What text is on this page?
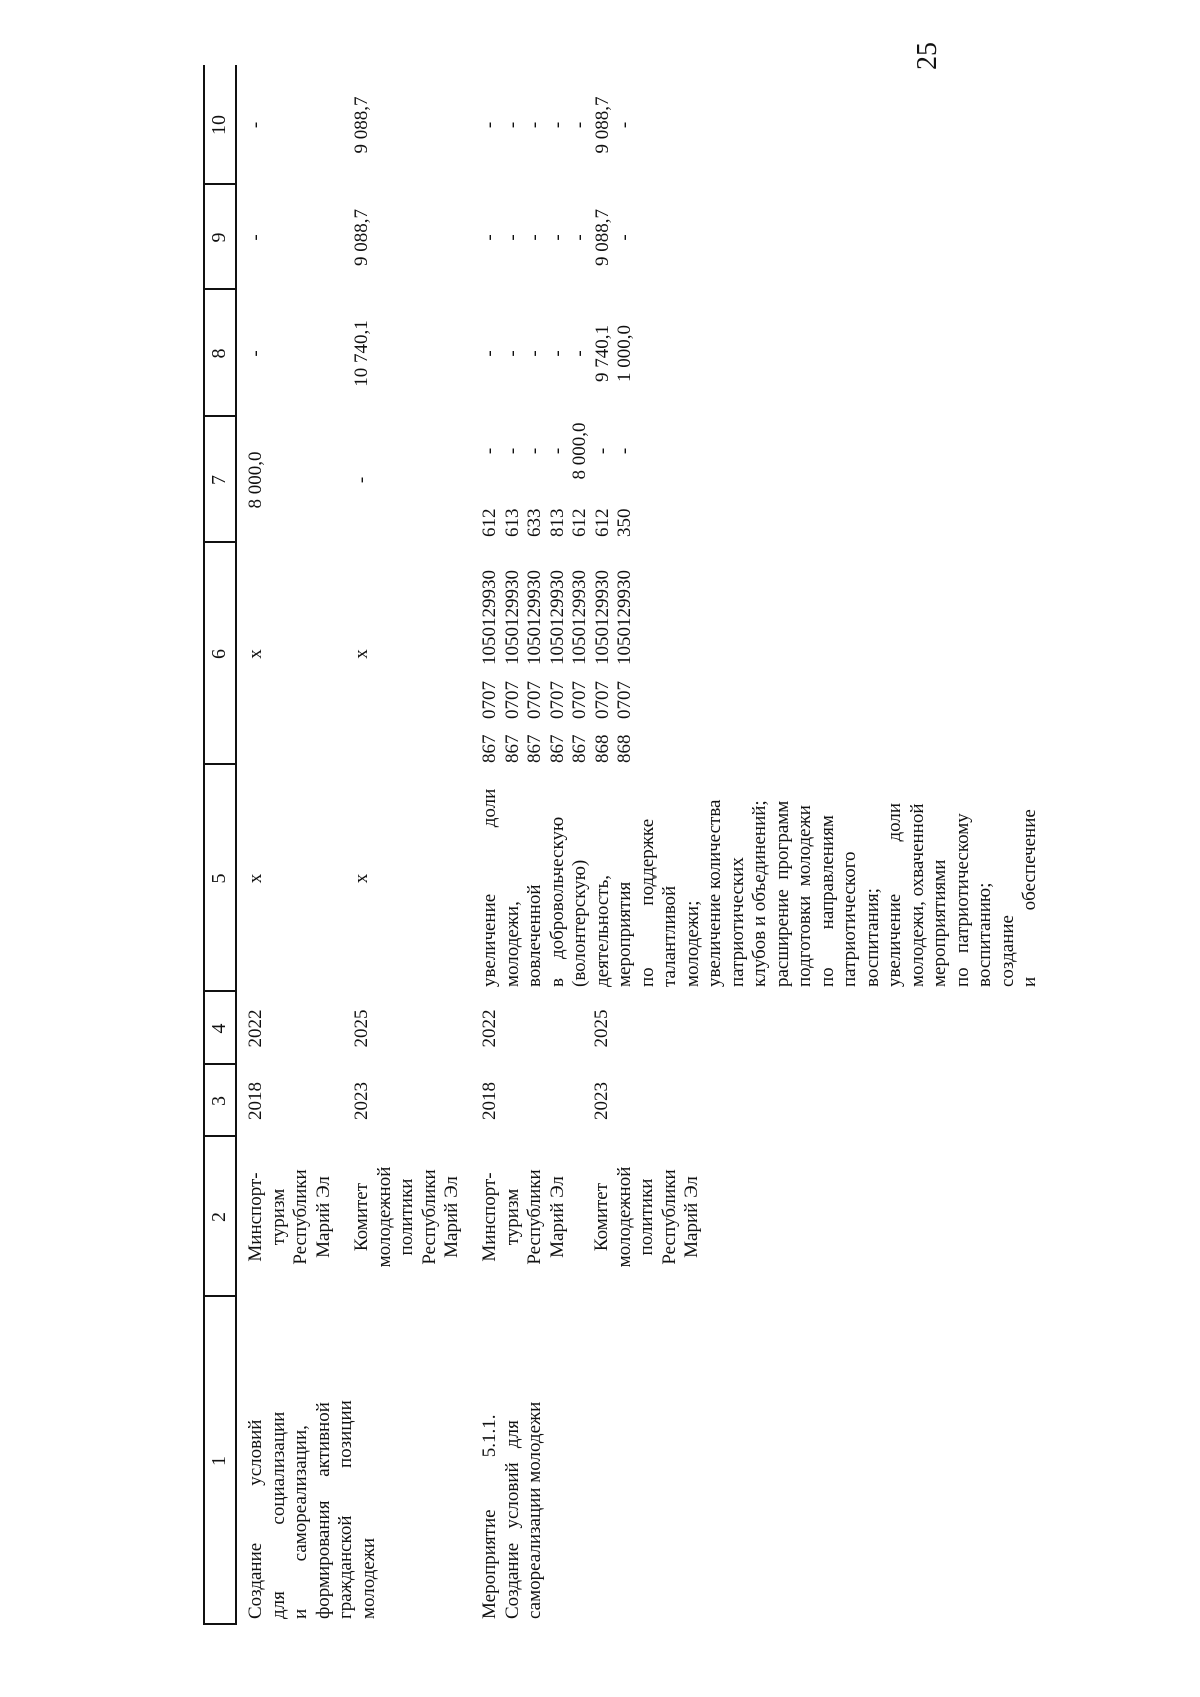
25
1
2
3
4
5
6
7
8
9
10
Создание            условий
для              социализации
и          самореализации,
формирования     активной
гражданской          позиции
молодежи
Минспорт-
туризм
Республики
Марий Эл
2018
2022
х
х
8 000,0
-
-
-
Комитет
молодежной
политики
Республики
Марий Эл
2023
2025
х
х
-
10 740,1
9 088,7
9 088,7
Мероприятие           5.1.1.
Создание   условий   для
самореализации молодежи
Минспорт-
туризм
Республики
Марий Эл
2018
2022
Комитет
молодежной
политики
Республики
Марий Эл
2023
2025
увеличение              доли
молодежи,
вовлеченной
в    добровольческую
(волонтерскую)
деятельность,
мероприятия
по             поддержке
талантливой
молодежи;
увеличение количества
патриотических
клубов и объединений;
расширение  программ
подготовки  молодежи
по        направлениям
патриотического
воспитания;
увеличение           доли
молодежи, охваченной
мероприятиями
по   патриотическому
воспитанию;
создание
и              обеспечение
867
867
867
867
867
868
868
0707
0707
0707
0707
0707
0707
0707
1050129930
1050129930
1050129930
1050129930
1050129930
1050129930
1050129930
612
613
633
813
612
612
350
-
-
-
-
8 000,0
-
-
-
-
-
-
-
9 740,1
1 000,0
-
-
-
-
-
9 088,7
-
-
-
-
-
-
9 088,7
-
